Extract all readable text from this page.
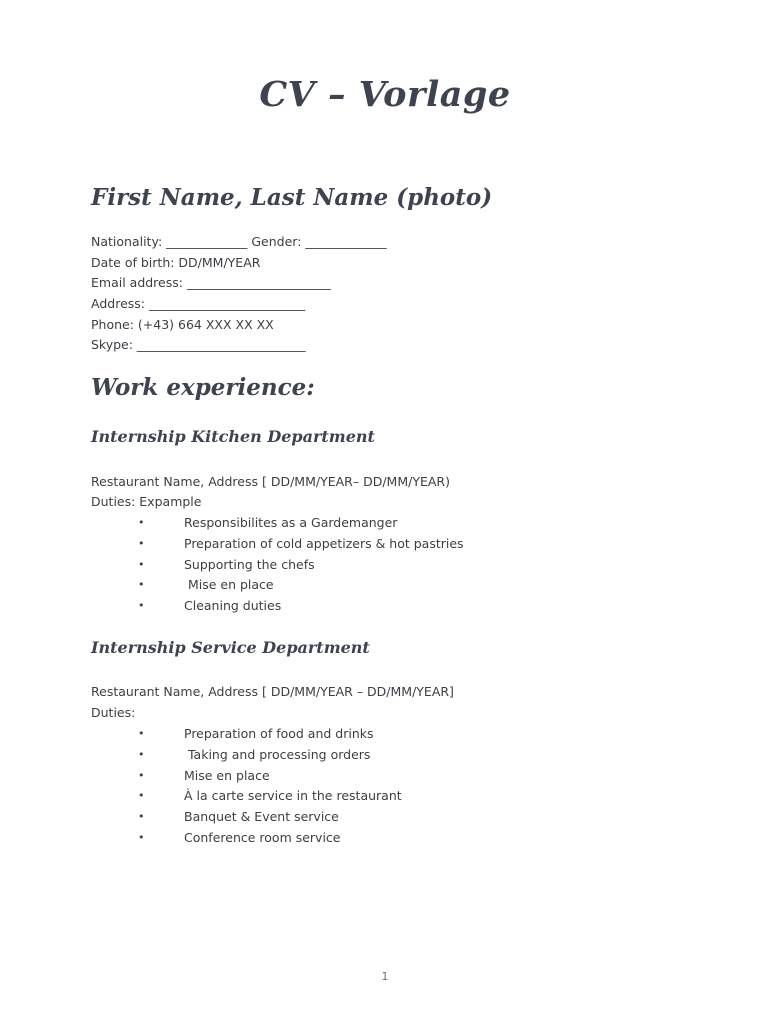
CV – Vorlage
First Name, Last Name (photo)

Nationality: _____________ Gender: _____________

Date of birth: DD/MM/YEAR

Email address: _______________________

Address: _________________________

Phone: (+43) 664 XXX XX XX

Skype: ___________________________

Work experience:
Internship Kitchen Department

Restaurant Name, Address [ DD/MM/YEAR– DD/MM/YEAR)

Duties: Expample

•	Responsibilites as a Gardemanger
•	Preparation of cold appetizers & hot pastries
•	Supporting the chefs
•	Mise en place
•	Cleaning duties
Internship Service Department

Restaurant Name, Address [ DD/MM/YEAR – DD/MM/YEAR]

Duties:

•	Preparation of food and drinks
•	Taking and processing orders
•	Mise en place
•	À la carte service in the restaurant
•	Banquet & Event service
•	Conference room service
1
